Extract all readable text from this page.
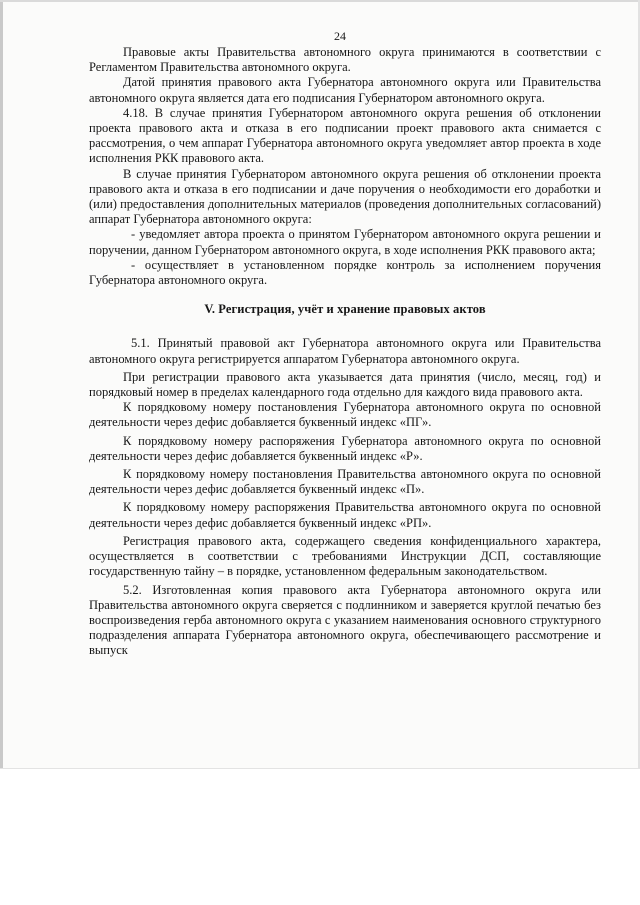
24

Правовые акты Правительства автономного округа принимаются в соответствии с Регламентом Правительства автономного округа.

Датой принятия правового акта Губернатора автономного округа или Правительства автономного округа является дата его подписания Губернатором автономного округа.

4.18. В случае принятия Губернатором автономного округа решения об отклонении проекта правового акта и отказа в его подписании проект правового акта снимается с рассмотрения, о чем аппарат Губернатора автономного округа уведомляет автор проекта в ходе исполнения РКК правового акта.

В случае принятия Губернатором автономного округа решения об отклонении проекта правового акта и отказа в его подписании и даче поручения о необходимости его доработки и (или) предоставления дополнительных материалов (проведения дополнительных согласований) аппарат Губернатора автономного округа:

- уведомляет автора проекта о принятом Губернатором автономного округа решении и поручении, данном Губернатором автономного округа, в ходе исполнения РКК правового акта;

- осуществляет в установленном порядке контроль за исполнением поручения Губернатора автономного округа.

V. Регистрация, учёт и хранение правовых актов

5.1. Принятый правовой акт Губернатора автономного округа или Правительства автономного округа регистрируется аппаратом Губернатора автономного округа.

При регистрации правового акта указывается дата принятия (число, месяц, год) и порядковый номер в пределах календарного года отдельно для каждого вида правового акта.

К порядковому номеру постановления Губернатора автономного округа по основной деятельности через дефис добавляется буквенный индекс «ПГ».

К порядковому номеру распоряжения Губернатора автономного округа по основной деятельности через дефис добавляется буквенный индекс «Р».

К порядковому номеру постановления Правительства автономного округа по основной деятельности через дефис добавляется буквенный индекс «П».

К порядковому номеру распоряжения Правительства автономного округа по основной деятельности через дефис добавляется буквенный индекс «РП».

Регистрация правового акта, содержащего сведения конфиденциального характера, осуществляется в соответствии с требованиями Инструкции ДСП, составляющие государственную тайну – в порядке, установленном федеральным законодательством.

5.2. Изготовленная копия правового акта Губернатора автономного округа или Правительства автономного округа сверяется с подлинником и заверяется круглой печатью без воспроизведения герба автономного округа с указанием наименования основного структурного подразделения аппарата Губернатора автономного округа, обеспечивающего рассмотрение и выпуск
